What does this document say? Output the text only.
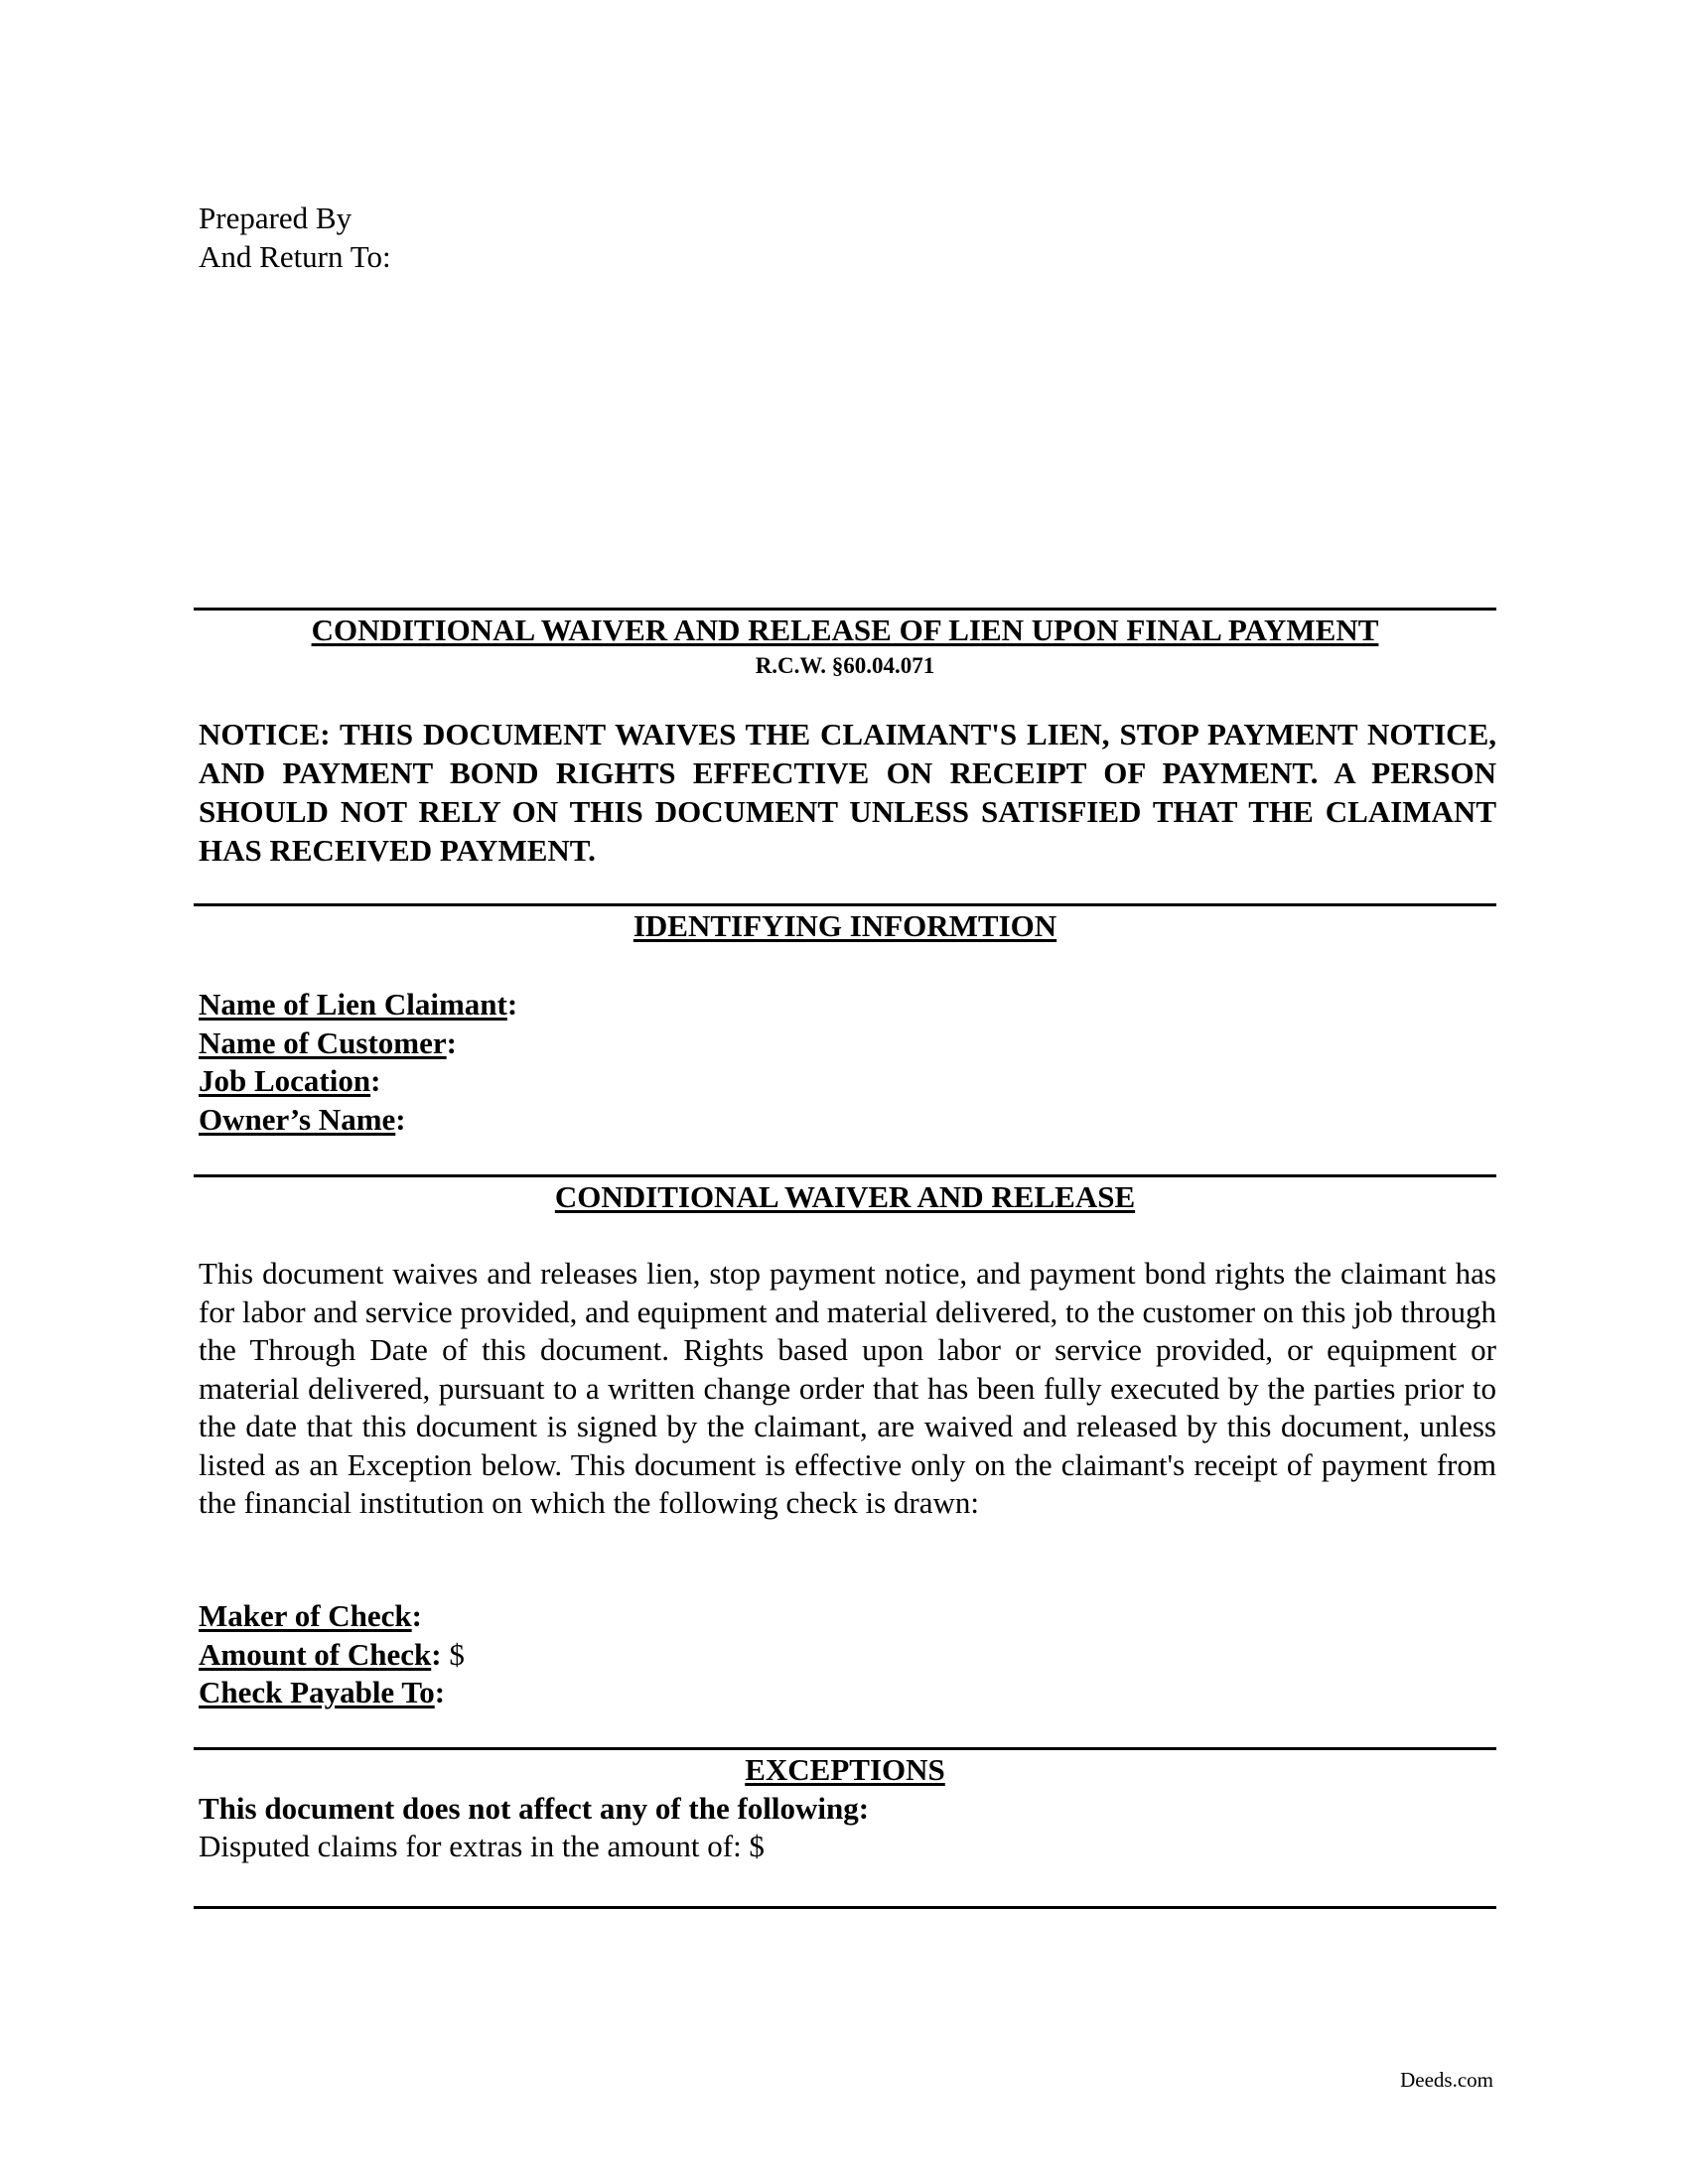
Prepared By
And Return To:
CONDITIONAL WAIVER AND RELEASE OF LIEN UPON FINAL PAYMENT
R.C.W. §60.04.071
NOTICE: THIS DOCUMENT WAIVES THE CLAIMANT'S LIEN, STOP PAYMENT NOTICE, AND PAYMENT BOND RIGHTS EFFECTIVE ON RECEIPT OF PAYMENT. A PERSON SHOULD NOT RELY ON THIS DOCUMENT UNLESS SATISFIED THAT THE CLAIMANT HAS RECEIVED PAYMENT.
IDENTIFYING INFORMTION
Name of Lien Claimant:
Name of Customer:
Job Location:
Owner’s Name:
CONDITIONAL WAIVER AND RELEASE
This document waives and releases lien, stop payment notice, and payment bond rights the claimant has for labor and service provided, and equipment and material delivered, to the customer on this job through the Through Date of this document. Rights based upon labor or service provided, or equipment or material delivered, pursuant to a written change order that has been fully executed by the parties prior to the date that this document is signed by the claimant, are waived and released by this document, unless listed as an Exception below. This document is effective only on the claimant's receipt of payment from the financial institution on which the following check is drawn:
Maker of Check:
Amount of Check: $
Check Payable To:
EXCEPTIONS
This document does not affect any of the following:
Disputed claims for extras in the amount of: $
Deeds.com
